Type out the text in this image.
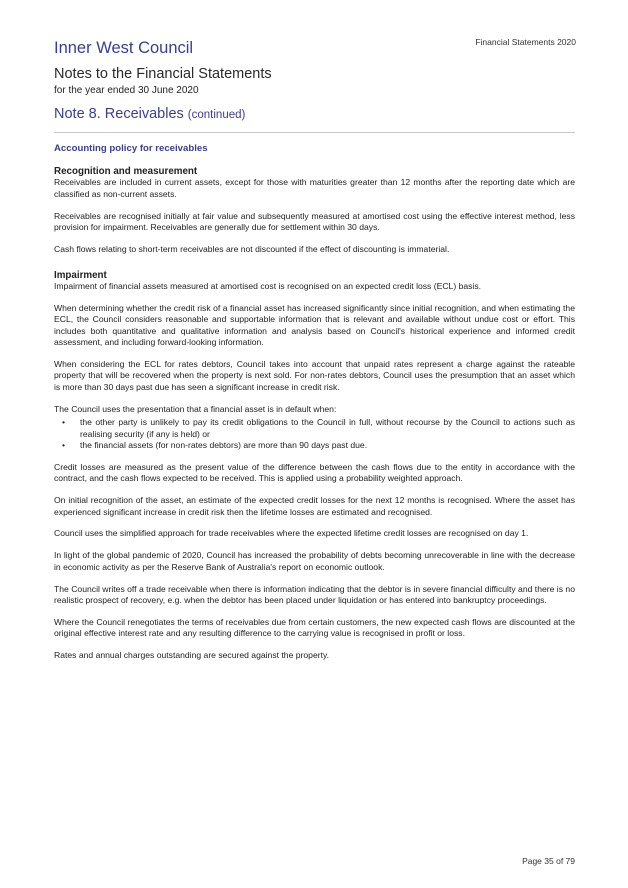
Financial Statements 2020
Inner West Council
Notes to the Financial Statements
for the year ended 30 June 2020
Note 8. Receivables (continued)
Accounting policy for receivables
Recognition and measurement

Receivables are included in current assets, except for those with maturities greater than 12 months after the reporting date which are classified as non-current assets.

Receivables are recognised initially at fair value and subsequently measured at amortised cost using the effective interest method, less provision for impairment. Receivables are generally due for settlement within 30 days.

Cash flows relating to short-term receivables are not discounted if the effect of discounting is immaterial.

Impairment

Impairment of financial assets measured at amortised cost is recognised on an expected credit loss (ECL) basis.

When determining whether the credit risk of a financial asset has increased significantly since initial recognition, and when estimating the ECL, the Council considers reasonable and supportable information that is relevant and available without undue cost or effort. This includes both quantitative and qualitative information and analysis based on Council's historical experience and informed credit assessment, and including forward-looking information.

When considering the ECL for rates debtors, Council takes into account that unpaid rates represent a charge against the rateable property that will be recovered when the property is next sold. For non-rates debtors, Council uses the presumption that an asset which is more than 30 days past due has seen a significant increase in credit risk.

The Council uses the presentation that a financial asset is in default when:

• the other party is unlikely to pay its credit obligations to the Council in full, without recourse by the Council to actions such as realising security (if any is held) or
• the financial assets (for non-rates debtors) are more than 90 days past due.

Credit losses are measured as the present value of the difference between the cash flows due to the entity in accordance with the contract, and the cash flows expected to be received. This is applied using a probability weighted approach.

On initial recognition of the asset, an estimate of the expected credit losses for the next 12 months is recognised. Where the asset has experienced significant increase in credit risk then the lifetime losses are estimated and recognised.

Council uses the simplified approach for trade receivables where the expected lifetime credit losses are recognised on day 1.

In light of the global pandemic of 2020, Council has increased the probability of debts becoming unrecoverable in line with the decrease in economic activity as per the Reserve Bank of Australia's report on economic outlook.

The Council writes off a trade receivable when there is information indicating that the debtor is in severe financial difficulty and there is no realistic prospect of recovery, e.g. when the debtor has been placed under liquidation or has entered into bankruptcy proceedings.

Where the Council renegotiates the terms of receivables due from certain customers, the new expected cash flows are discounted at the original effective interest rate and any resulting difference to the carrying value is recognised in profit or loss.

Rates and annual charges outstanding are secured against the property.

Page 35 of 79
